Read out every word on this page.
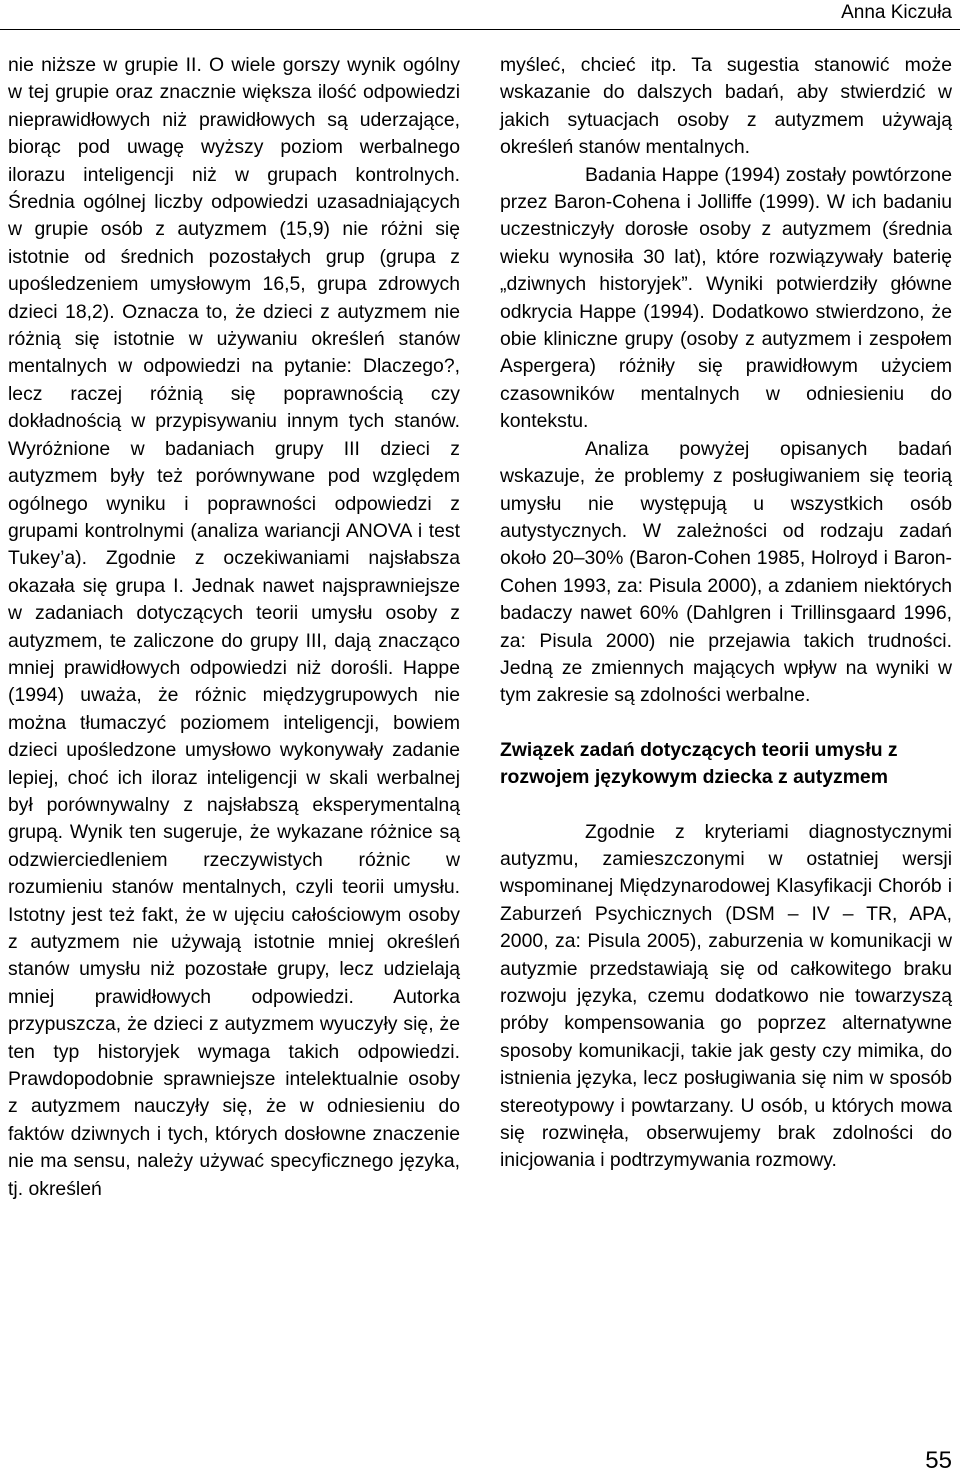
Anna Kiczuła

nie niższe w grupie II. O wiele gorszy wynik ogólny w tej grupie oraz znacznie większa ilość odpowiedzi nieprawidłowych niż prawidłowych są uderzające, biorąc pod uwagę wyższy poziom werbalnego ilorazu inteligencji niż w grupach kontrolnych. Średnia ogólnej liczby odpowiedzi uzasadniających w grupie osób z autyzmem (15,9) nie różni się istotnie od średnich pozostałych grup (grupa z upośledzeniem umysłowym 16,5, grupa zdrowych dzieci 18,2). Oznacza to, że dzieci z autyzmem nie różnią się istotnie w używaniu określeń stanów mentalnych w odpowiedzi na pytanie: Dlaczego?, lecz raczej różnią się poprawnością czy dokładnością w przypisywaniu innym tych stanów. Wyróżnione w badaniach grupy III dzieci z autyzmem były też porównywane pod względem ogólnego wyniku i poprawności odpowiedzi z grupami kontrolnymi (analiza wariancji ANOVA i test Tukey’a). Zgodnie z oczekiwaniami najsłabsza okazała się grupa I. Jednak nawet najsprawniejsze w zadaniach dotyczących teorii umysłu osoby z autyzmem, te zaliczone do grupy III, dają znacząco mniej prawidłowych odpowiedzi niż dorośli. Happe (1994) uważa, że różnic międzygrupowych nie można tłumaczyć poziomem inteligencji, bowiem dzieci upośledzone umysłowo wykonywały zadanie lepiej, choć ich iloraz inteligencji w skali werbalnej był porównywalny z najsłabszą eksperymentalną grupą. Wynik ten sugeruje, że wykazane różnice są odzwierciedleniem rzeczywistych różnic w rozumieniu stanów mentalnych, czyli teorii umysłu. Istotny jest też fakt, że w ujęciu całościowym osoby z autyzmem nie używają istotnie mniej określeń stanów umysłu niż pozostałe grupy, lecz udzielają mniej prawidłowych odpowiedzi. Autorka przypuszcza, że dzieci z autyzmem wyuczyły się, że ten typ historyjek wymaga takich odpowiedzi. Prawdopodobnie sprawniejsze intelektualnie osoby z autyzmem nauczyły się, że w odniesieniu do faktów dziwnych i tych, których dosłowne znaczenie nie ma sensu, należy używać specyficznego języka, tj. określeń

myśleć, chcieć itp. Ta sugestia stanowić może wskazanie do dalszych badań, aby stwierdzić w jakich sytuacjach osoby z autyzmem używają określeń stanów mentalnych.

Badania Happe (1994) zostały powtórzone przez Baron-Cohena i Jolliffe (1999). W ich badaniu uczestniczyły dorosłe osoby z autyzmem (średnia wieku wynosiła 30 lat), które rozwiązywały baterię „dziwnych historyjek”. Wyniki potwierdziły główne odkrycia Happe (1994). Dodatkowo stwierdzono, że obie kliniczne grupy (osoby z autyzmem i zespołem Aspergera) różniły się prawidłowym użyciem czasowników mentalnych w odniesieniu do kontekstu.

Analiza powyżej opisanych badań wskazuje, że problemy z posługiwaniem się teorią umysłu nie występują u wszystkich osób autystycznych. W zależności od rodzaju zadań około 20–30% (Baron-Cohen 1985, Holroyd i Baron-Cohen 1993, za: Pisula 2000), a zdaniem niektórych badaczy nawet 60% (Dahlgren i Trillinsgaard 1996, za: Pisula 2000) nie przejawia takich trudności. Jedną ze zmiennych mających wpływ na wyniki w tym zakresie są zdolności werbalne.

Związek zadań dotyczących teorii umysłu z rozwojem językowym dziecka z autyzmem

Zgodnie z kryteriami diagnostycznymi autyzmu, zamieszczonymi w ostatniej wersji wspominanej Międzynarodowej Klasyfikacji Chorób i Zaburzeń Psychicznych (DSM – IV – TR, APA, 2000, za: Pisula 2005), zaburzenia w komunikacji w autyzmie przedstawiają się od całkowitego braku rozwoju języka, czemu dodatkowo nie towarzyszą próby kompensowania go poprzez alternatywne sposoby komunikacji, takie jak gesty czy mimika, do istnienia języka, lecz posługiwania się nim w sposób stereotypowy i powtarzany. U osób, u których mowa się rozwinęła, obserwujemy brak zdolności do inicjowania i podtrzymywania rozmowy.

55
